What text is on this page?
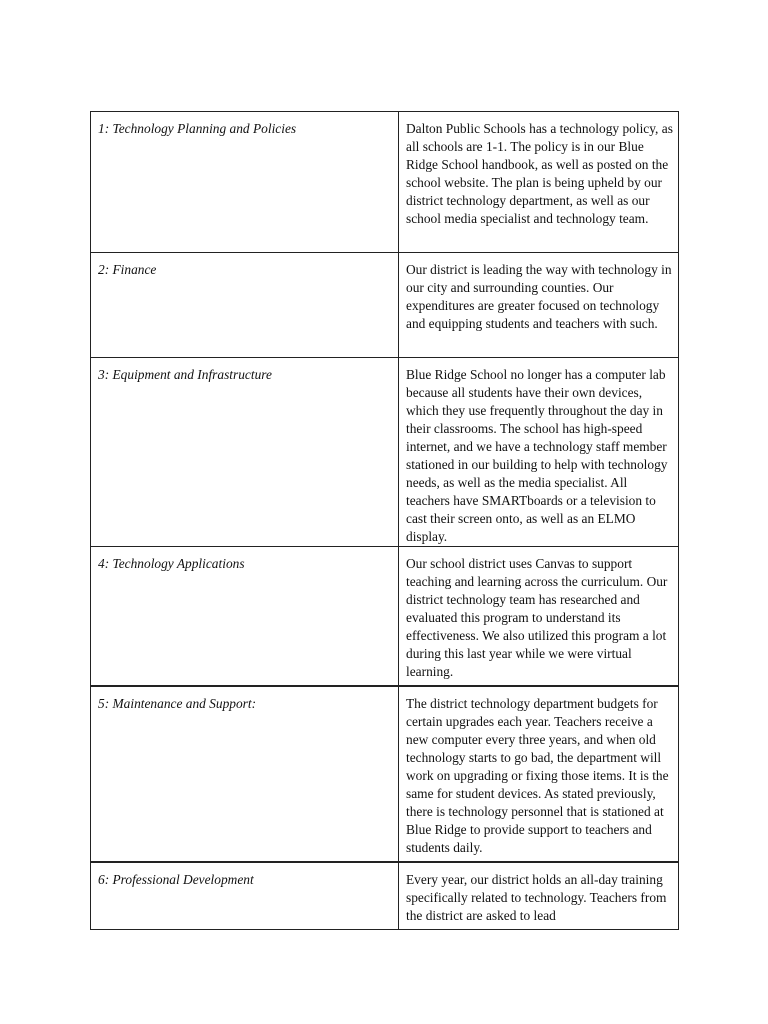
1: Technology Planning and Policies	Dalton Public Schools has a technology policy, as all schools are 1-1. The policy is in our Blue Ridge School handbook, as well as posted on the school website. The plan is being upheld by our district technology department, as well as our school media specialist and technology team.
2: Finance	Our district is leading the way with technology in our city and surrounding counties. Our expenditures are greater focused on technology and equipping students and teachers with such.
3: Equipment and Infrastructure	Blue Ridge School no longer has a computer lab because all students have their own devices, which they use frequently throughout the day in their classrooms. The school has high-speed internet, and we have a technology staff member stationed in our building to help with technology needs, as well as the media specialist. All teachers have SMARTboards or a television to cast their screen onto, as well as an ELMO display.
4: Technology Applications	Our school district uses Canvas to support teaching and learning across the curriculum. Our district technology team has researched and evaluated this program to understand its effectiveness. We also utilized this program a lot during this last year while we were virtual learning.
5: Maintenance and Support:	The district technology department budgets for certain upgrades each year. Teachers receive a new computer every three years, and when old technology starts to go bad, the department will work on upgrading or fixing those items. It is the same for student devices. As stated previously, there is technology personnel that is stationed at Blue Ridge to provide support to teachers and students daily.
6: Professional Development	Every year, our district holds an all-day training specifically related to technology. Teachers from the district are asked to lead
